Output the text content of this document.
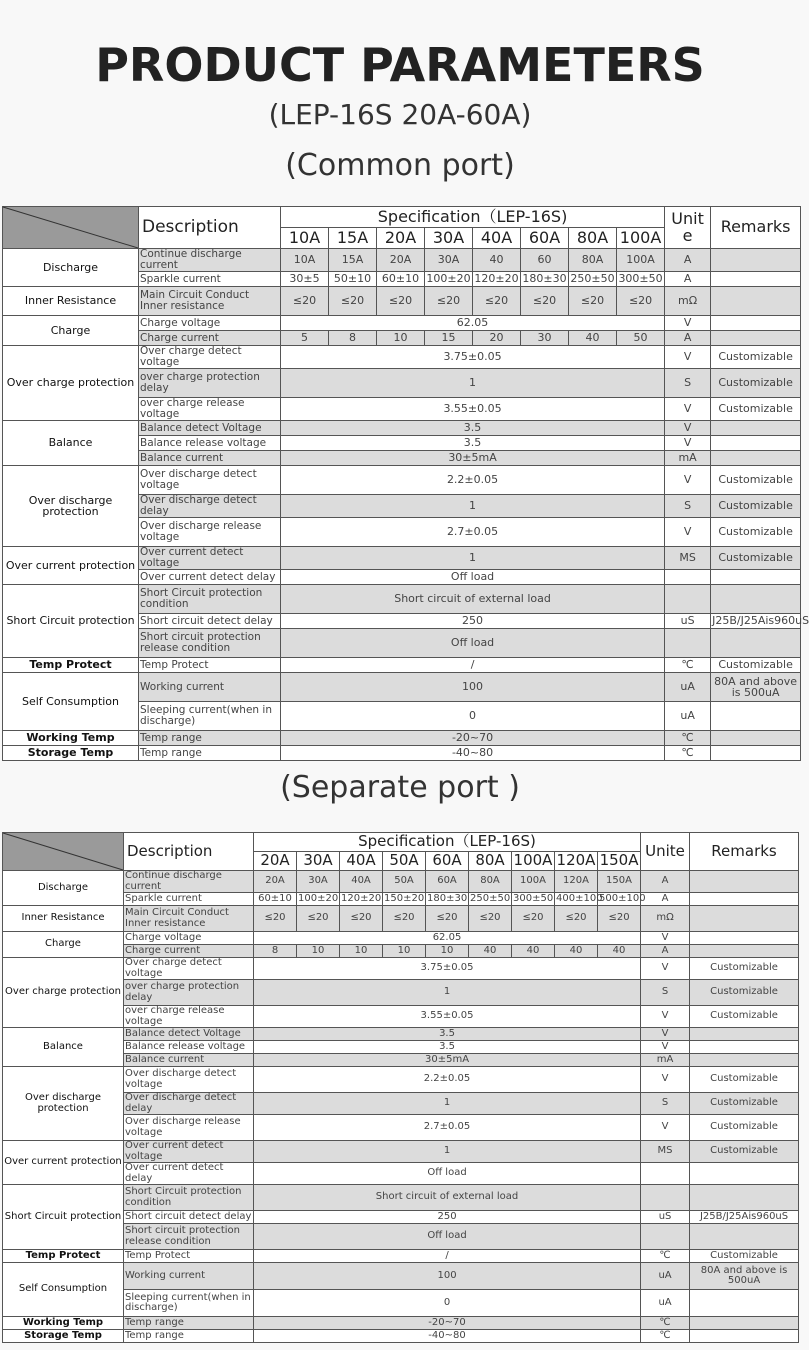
PRODUCT PARAMETERS
(LEP-16S 20A-60A)
(Common port)
	Description	Specification（LEP-16S)								Unit e	Remarks
		10A	15A	20A	30A	40A	60A	80A	100A		
Discharge	Continue discharge current	10A	15A	20A	30A	40	60	80A	100A	A	
	Sparkle current	30±5	50±10	60±10	100±20	120±20	180±30	250±50	300±50	A	
Inner Resistance	Main Circuit Conduct Inner resistance	≤20	≤20	≤20	≤20	≤20	≤20	≤20	≤20	mΩ	
Charge	Charge voltage	62.05								V	
	Charge current	5	8	10	15	20	30	40	50	A	
Over charge protection	Over charge detect voltage	3.75±0.05								V	Customizable
	over charge protection delay	1								S	Customizable
	over charge release voltage	3.55±0.05								V	Customizable
Balance	Balance detect Voltage	3.5								V	
	Balance release voltage	3.5								V	
	Balance current	30±5mA								mA	
Over discharge protection	Over discharge detect voltage	2.2±0.05								V	Customizable
	Over discharge detect delay	1								S	Customizable
	Over discharge release voltage	2.7±0.05								V	Customizable
Over current protection	Over current detect voltage	1								MS	Customizable
	Over current detect delay	Off load									
Short Circuit protection	Short Circuit protection condition	Short circuit of external load									
	Short circuit detect delay	250								uS	J25B/J25Ais960uS
	Short circuit protection release condition	Off load									
Temp Protect	Temp Protect	/								℃	Customizable
Self Consumption	Working current	100								uA	80A and above is 500uA
	Sleeping current(when in discharge)	0								uA	
Working Temp	Temp range	-20~70								℃	
Storage Temp	Temp range	-40~80								℃	
(Separate port )
	Description	Specification（LEP-16S)									Unite	Remarks
		20A	30A	40A	50A	60A	80A	100A	120A	150A		
Discharge	Continue discharge current	20A	30A	40A	50A	60A	80A	100A	120A	150A	A	
	Sparkle current	60±10	100±20	120±20	150±20	180±30	250±50	300±50	400±100	500±100	A	
Inner Resistance	Main Circuit Conduct Inner resistance	≤20	≤20	≤20	≤20	≤20	≤20	≤20	≤20	≤20	mΩ	
Charge	Charge voltage	62.05									V	
	Charge current	8	10	10	10	10	40	40	40	40	A	
Over charge protection	Over charge detect voltage	3.75±0.05									V	Customizable
	over charge protection delay	1									S	Customizable
	over charge release voltage	3.55±0.05									V	Customizable
Balance	Balance detect Voltage	3.5									V	
	Balance release voltage	3.5									V	
	Balance current	30±5mA									mA	
Over discharge protection	Over discharge detect voltage	2.2±0.05									V	Customizable
	Over discharge detect delay	1									S	Customizable
	Over discharge release voltage	2.7±0.05									V	Customizable
Over current protection	Over current detect voltage	1									MS	Customizable
	Over current detect delay	Off load										
Short Circuit protection	Short Circuit protection condition	Short circuit of external load										
	Short circuit detect delay	250									uS	J25B/J25Ais960uS
	Short circuit protection release condition	Off load										
Temp Protect	Temp Protect	/									℃	Customizable
Self Consumption	Working current	100									uA	80A and above is 500uA
	Sleeping current(when in discharge)	0									uA	
Working Temp	Temp range	-20~70									℃	
Storage Temp	Temp range	-40~80									℃	
